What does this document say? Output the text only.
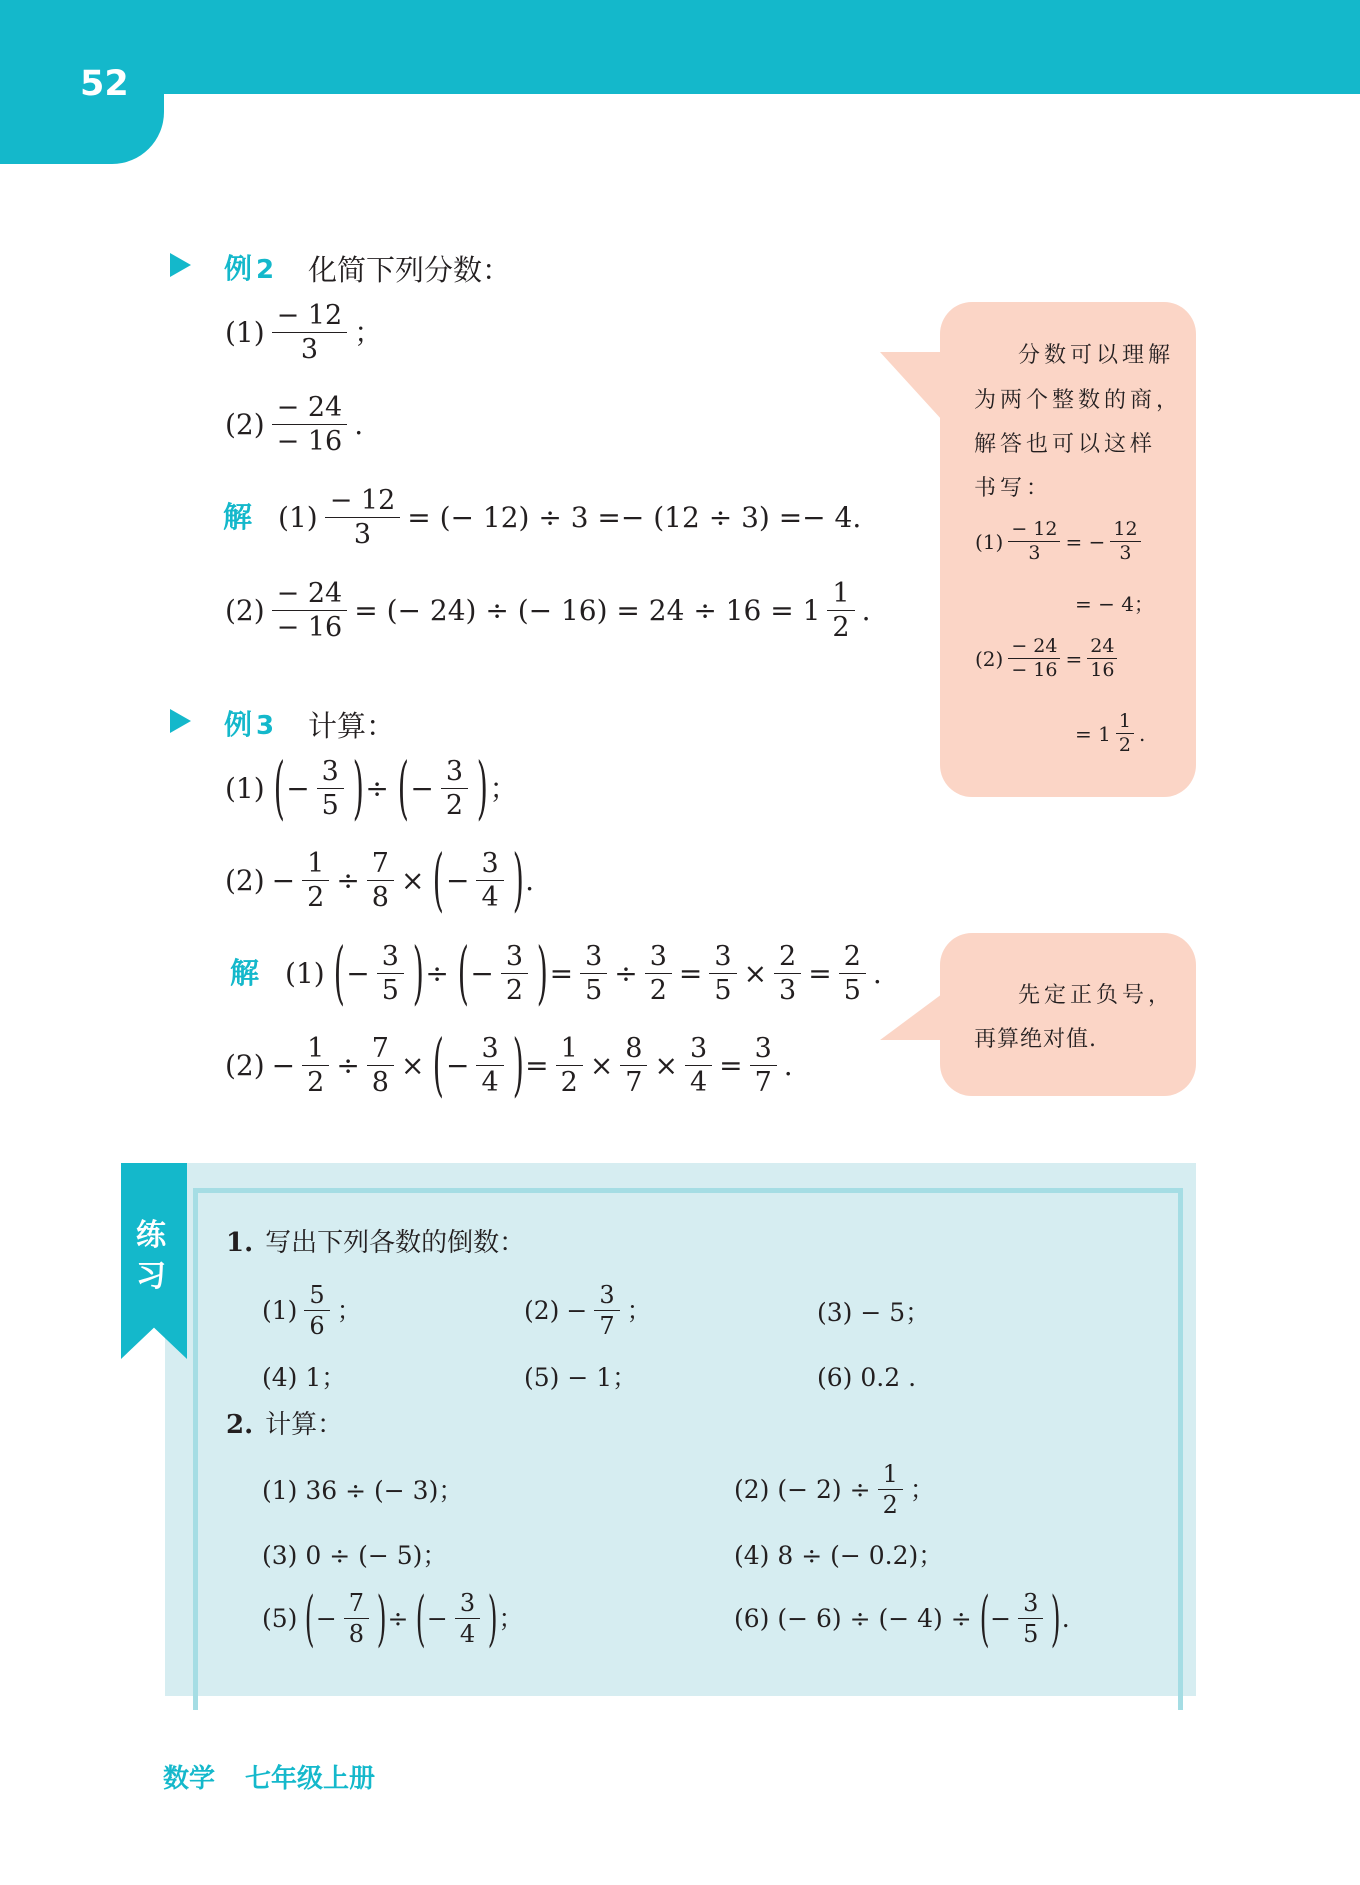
52
例 2 化简下列分数：
$(1) \frac{- 12}{3}$ ；
$(2) \frac{- 24}{- 16}$ .
解 $(1) \frac{- 12}{3}$ = (− 12) ÷ 3 =− (12 ÷ 3) =− 4.
$(2) \frac{- 24}{- 16}$ = (− 24) ÷ (− $16) = 24 \div 16 = 1 \frac{1}{2}$ .
分数可以理解
为两个整数的商，
解答也可以这样
书写：
$(1) \frac{- 12}{3}$ = − $\frac{12}{3}$
= − 4；
$(2) \frac{- 24}{- 16} = \frac{24}{16}$
= $1 \frac{1}{2}$ .
例 3 计算：
(1) ( − $\frac{3}{5}$ ) ÷ ( − $\frac{3}{2}$ ) ；
$(2) - \frac{1}{2} \div \frac{7}{8}$ × ( − $\frac{3}{4}$ ) .
解 (1) ( − $\frac{3}{5}$ ) ÷ ( − $\frac{3}{2}$ ) = $\frac{3}{5} \div \frac{3}{2} = \frac{3}{5} \times \frac{2}{3} = \frac{2}{5}$ .
$(2) - \frac{1}{2} \div \frac{7}{8}$ × ( − $\frac{3}{4}$ ) = $\frac{1}{2} \times \frac{8}{7} \times \frac{3}{4} = \frac{3}{7}$ .
先定正负号，
再算绝对值.
练
习
1. 写出下列各数的倒数：
$(1) \frac{5}{6}$ ；	$(2) - \frac{3}{7}$ ；	(3) − 5；
(4) 1；	(5) − 1；	(6) 0.2 .
2. 计算：
(1) 36 ÷ (− 3)；	(2) (− $2) \div \frac{1}{2}$ ；
(3) 0 ÷ (− 5)；	(4) 8 ÷ (− 0.2)；
(5) ( − $\frac{7}{8}$ ) ÷ ( − $\frac{3}{4}$ ) ；	(6) (− 6) ÷ (− 4) ÷ ( − $\frac{3}{5}$ ) .
数学 七年级上册
